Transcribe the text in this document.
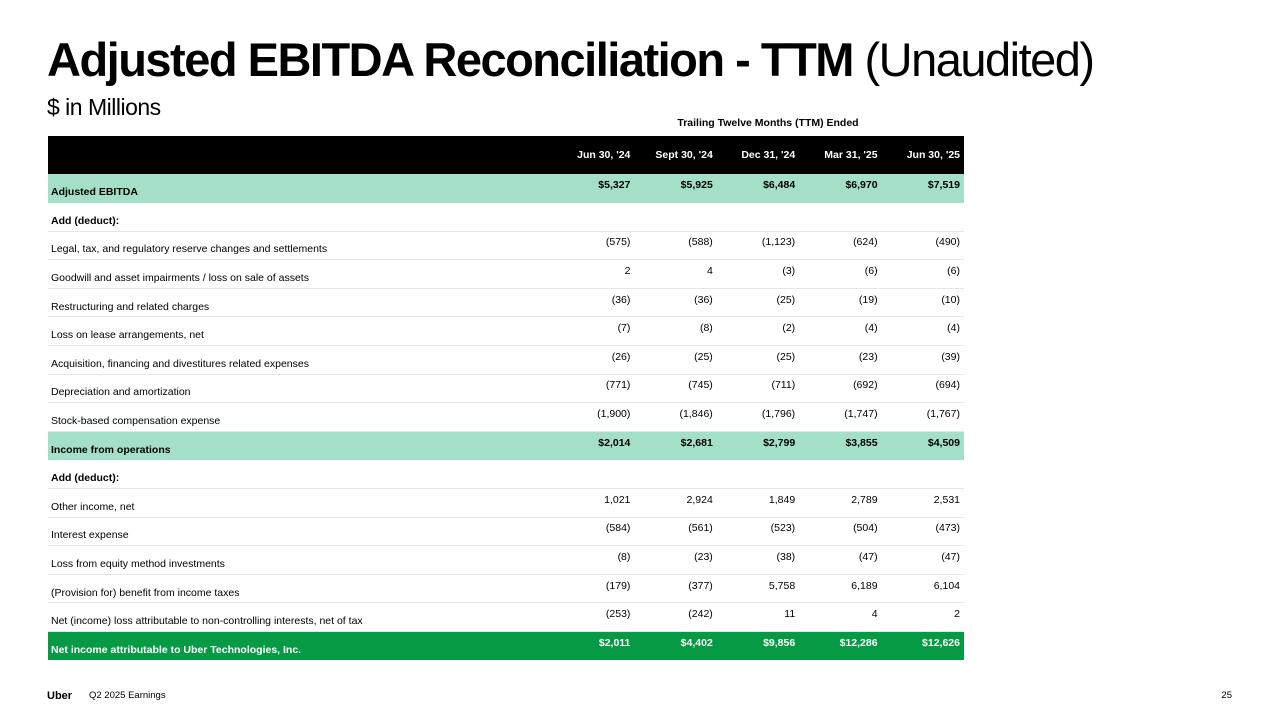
Adjusted EBITDA Reconciliation - TTM (Unaudited)
$ in Millions
Trailing Twelve Months (TTM) Ended
	Jun 30, '24	Sept 30, '24	Dec 31, '24	Mar 31, '25	Jun 30, '25
Adjusted EBITDA	$5,327	$5,925	$6,484	$6,970	$7,519
Add (deduct):					
Legal, tax, and regulatory reserve changes and settlements	(575)	(588)	(1,123)	(624)	(490)
Goodwill and asset impairments / loss on sale of assets	2	4	(3)	(6)	(6)
Restructuring and related charges	(36)	(36)	(25)	(19)	(10)
Loss on lease arrangements, net	(7)	(8)	(2)	(4)	(4)
Acquisition, financing and divestitures related expenses	(26)	(25)	(25)	(23)	(39)
Depreciation and amortization	(771)	(745)	(711)	(692)	(694)
Stock-based compensation expense	(1,900)	(1,846)	(1,796)	(1,747)	(1,767)
Income from operations	$2,014	$2,681	$2,799	$3,855	$4,509
Add (deduct):					
Other income, net	1,021	2,924	1,849	2,789	2,531
Interest expense	(584)	(561)	(523)	(504)	(473)
Loss from equity method investments	(8)	(23)	(38)	(47)	(47)
(Provision for) benefit from income taxes	(179)	(377)	5,758	6,189	6,104
Net (income) loss attributable to non-controlling interests, net of tax	(253)	(242)	11	4	2
Net income attributable to Uber Technologies, Inc.	$2,011	$4,402	$9,856	$12,286	$12,626
Uber Q2 2025 Earnings	25
